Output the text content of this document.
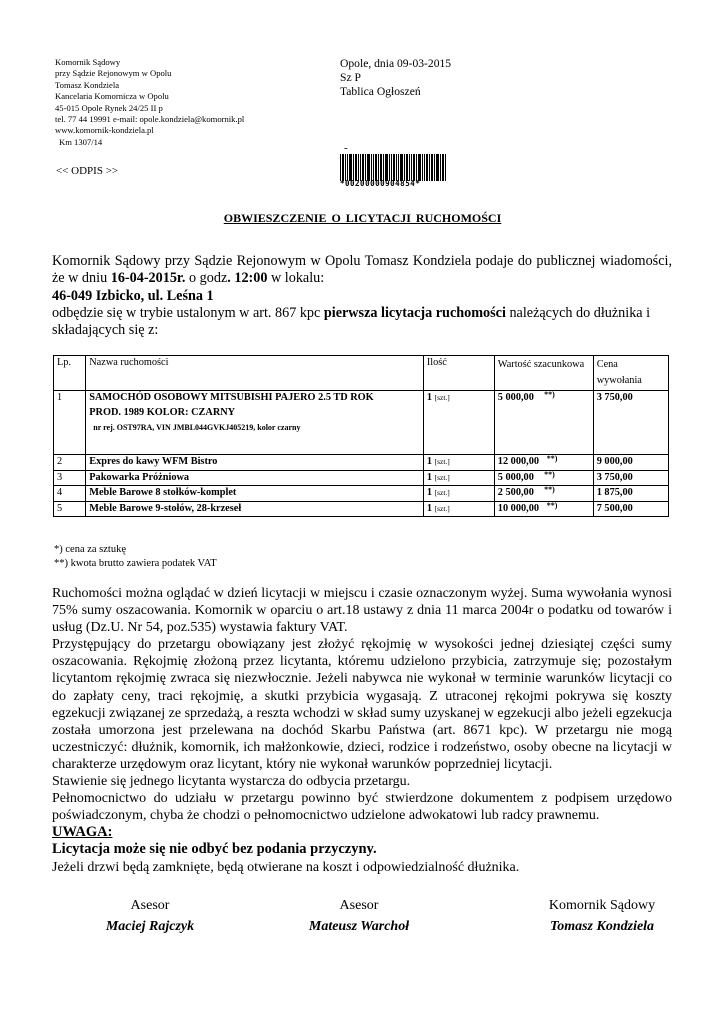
Komornik Sądowy
przy Sądzie Rejonowym w Opolu
Tomasz Kondziela
Kancelaria Komornicza w Opolu
45-015 Opole Rynek 24/25 II p
tel. 77 44 19991 e-mail: opole.kondziela@komornik.pl
www.komornik-kondziela.pl
Km 1307/14
Opole, dnia 09-03-2015
Sz P
Tablica Ogłoszeń
-
*00200000904854*
<< ODPIS >>
OBWIESZCZENIE O LICYTACJI RUCHOMOŚCI

Komornik Sądowy przy Sądzie Rejonowym w Opolu Tomasz Kondziela podaje do publicznej wiadomości, że w dniu 16-04-2015r. o godz. 12:00 w lokalu:

46-049 Izbicko, ul. Leśna 1

odbędzie się w trybie ustalonym w art. 867 kpc pierwsza licytacja ruchomości należących do dłużnika i składających się z:

Lp.	Nazwa ruchomości	Ilość	Wartość szacunkowa	Cena wywołania
1	SAMOCHÓD OSOBOWY MITSUBISHI PAJERO 2.5 TD ROK
PROD. 1989 KOLOR: CZARNY
nr rej. OST97RA, VIN JMBL044GVKJ405219, kolor czarny	1 [szt.]	5 000,00 **)	3 750,00
2	Expres do kawy WFM Bistro	1 [szt.]	12 000,00 **)	9 000,00
3	Pakowarka Próżniowa	1 [szt.]	5 000,00 **)	3 750,00
4	Meble Barowe 8 stołków-komplet	1 [szt.]	2 500,00 **)	1 875,00
5	Meble Barowe 9-stołów, 28-krzeseł	1 [szt.]	10 000,00 **)	7 500,00
*) cena za sztukę
**) kwota brutto zawiera podatek VAT

Ruchomości można oglądać w dzień licytacji w miejscu i czasie oznaczonym wyżej. Suma wywołania wynosi 75% sumy oszacowania. Komornik w oparciu o art.18 ustawy z dnia 11 marca 2004r o podatku od towarów i usług (Dz.U. Nr 54, poz.535) wystawia faktury VAT.

Przystępujący do przetargu obowiązany jest złożyć rękojmię w wysokości jednej dziesiątej części sumy oszacowania. Rękojmię złożoną przez licytanta, któremu udzielono przybicia, zatrzymuje się; pozostałym licytantom rękojmię zwraca się niezwłocznie. Jeżeli nabywca nie wykonał w terminie warunków licytacji co do zapłaty ceny, traci rękojmię, a skutki przybicia wygasają. Z utraconej rękojmi pokrywa się koszty egzekucji związanej ze sprzedażą, a reszta wchodzi w skład sumy uzyskanej w egzekucji albo jeżeli egzekucja została umorzona jest przelewana na dochód Skarbu Państwa (art. 8671 kpc). W przetargu nie mogą uczestniczyć: dłużnik, komornik, ich małżonkowie, dzieci, rodzice i rodzeństwo, osoby obecne na licytacji w charakterze urzędowym oraz licytant, który nie wykonał warunków poprzedniej licytacji.

Stawienie się jednego licytanta wystarcza do odbycia przetargu.

Pełnomocnictwo do udziału w przetargu powinno być stwierdzone dokumentem z podpisem urzędowo poświadczonym, chyba że chodzi o pełnomocnictwo udzielone adwokatowi lub radcy prawnemu.

UWAGA:

Licytacja może się nie odbyć bez podania przyczyny.

Jeżeli drzwi będą zamknięte, będą otwierane na koszt i odpowiedzialność dłużnika.

Asesor
Maciej Rajczyk
Asesor
Mateusz Warchoł
Komornik Sądowy
Tomasz Kondziela
